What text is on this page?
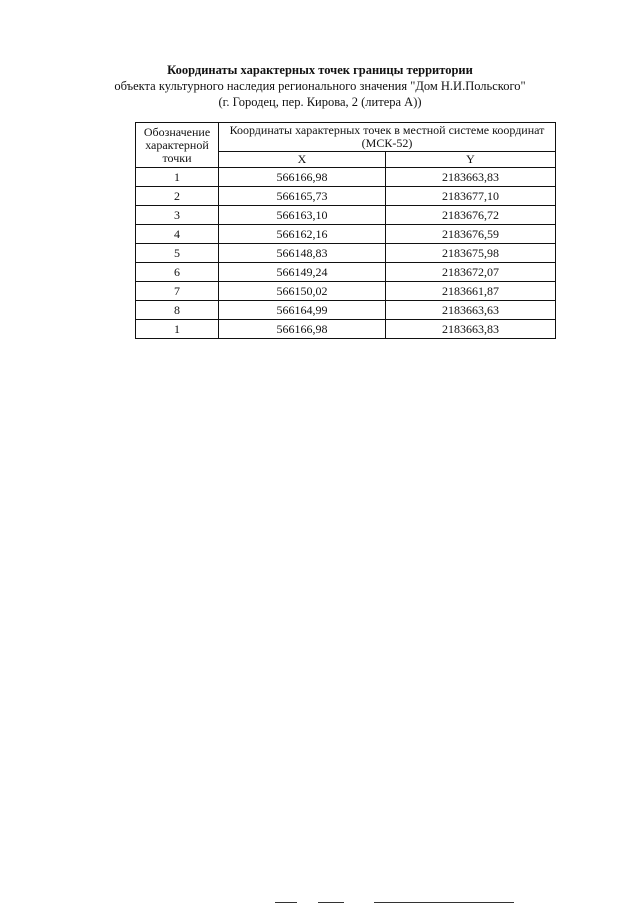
Координаты характерных точек границы территории
объекта культурного наследия регионального значения "Дом Н.И.Польского"
(г. Городец, пер. Кирова, 2 (литера А))
Обозначение характерной точки	Координаты характерных точек в местной системе координат (МСК-52)	
	X	Y
1	566166,98	2183663,83
2	566165,73	2183677,10
3	566163,10	2183676,72
4	566162,16	2183676,59
5	566148,83	2183675,98
6	566149,24	2183672,07
7	566150,02	2183661,87
8	566164,99	2183663,63
1	566166,98	2183663,83
